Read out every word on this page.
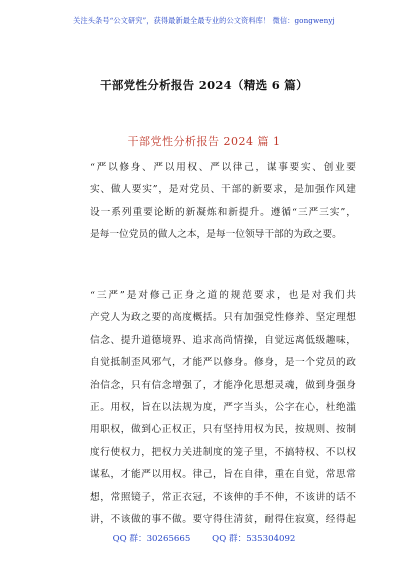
关注头条号“公文研究”，获得最新最全最专业的公文资料库！ 微信：gongwenyj
干部党性分析报告 2024（精选 6 篇）
干部党性分析报告 2024 篇 1
“严以修身、严以用权、严以律己，谋事要实、创业要
实、做人要实”，是对党员、干部的新要求，是加强作风建
设一系列重要论断的新凝炼和新提升。遵循“三严三实”，
是每一位党员的做人之本，是每一位领导干部的为政之要。
“三严”是对修己正身之道的规范要求，也是对我们共
产党人为政之要的高度概括。只有加强党性修养、坚定理想
信念、提升道德境界、追求高尚情操，自觉远离低级趣味，
自觉抵制歪风邪气，才能严以修身。修身，是一个党员的政
治信念，只有信念增强了，才能净化思想灵魂，做到身强身
正。用权，旨在以法规为度，严字当头，公字在心，杜绝滥
用职权，做到心正权正，只有坚持用权为民，按规则、按制
度行使权力，把权力关进制度的笼子里，不搞特权、不以权
谋私，才能严以用权。律己，旨在自律，重在自觉，常思常
想，常照镜子，常正衣冠，不该伸的手不伸，不该讲的话不
讲，不该做的事不做。要守得住清贫，耐得住寂寞，经得起
QQ 群：30265665        QQ 群：535304092
